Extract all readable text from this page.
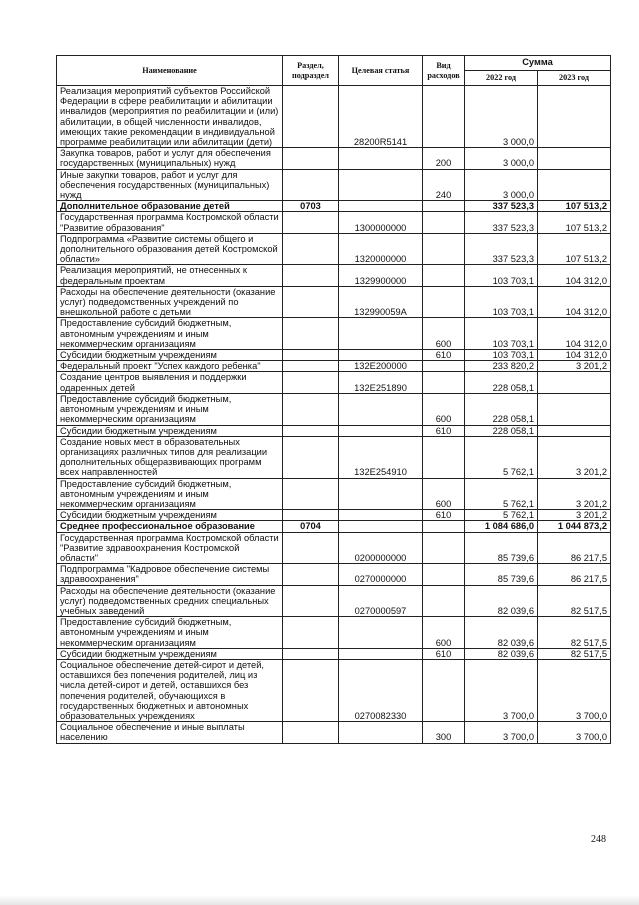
Наименование	Раздел, подраздел	Целевая статья	Вид расходов	Сумма	
				2022 год	2023 год
Реализация мероприятий субъектов Российской Федерации в сфере реабилитации и абилитации инвалидов (мероприятия по реабилитации и (или) абилитации, в общей численности инвалидов, имеющих такие рекомендации в индивидуальной программе реабилитации или абилитации (дети)		28200R5141		3 000,0	
Закупка товаров, работ и услуг для обеспечения государственных (муниципальных) нужд			200	3 000,0	
Иные закупки товаров, работ и услуг для обеспечения государственных (муниципальных) нужд			240	3 000,0	
Дополнительное образование детей	0703			337 523,3	107 513,2
Государственная программа Костромской области "Развитие образования"		1300000000		337 523,3	107 513,2
Подпрограмма «Развитие системы общего и дополнительного образования детей Костромской области»		1320000000		337 523,3	107 513,2
Реализация мероприятий, не отнесенных к федеральным проектам		1329900000		103 703,1	104 312,0
Расходы на обеспечение деятельности (оказание услуг) подведомственных учреждений по внешкольной работе с детьми		132990059А		103 703,1	104 312,0
Предоставление субсидий бюджетным, автономным учреждениям и иным некоммерческим организациям			600	103 703,1	104 312,0
Субсидии бюджетным учреждениям			610	103 703,1	104 312,0
Федеральный проект "Успех каждого ребенка"		132Е200000		233 820,2	3 201,2
Создание центров выявления и поддержки одаренных детей		132Е251890		228 058,1	
Предоставление субсидий бюджетным, автономным учреждениям и иным некоммерческим организациям			600	228 058,1	
Субсидии бюджетным учреждениям			610	228 058,1	
Создание новых мест в образовательных организациях различных типов для реализации дополнительных общеразвивающих программ всех направленностей		132Е254910		5 762,1	3 201,2
Предоставление субсидий бюджетным, автономным учреждениям и иным некоммерческим организациям			600	5 762,1	3 201,2
Субсидии бюджетным учреждениям			610	5 762,1	3 201,2
Среднее профессиональное образование	0704			1 084 686,0	1 044 873,2
Государственная программа Костромской области "Развитие здравоохранения Костромской области"		0200000000		85 739,6	86 217,5
Подпрограмма "Кадровое обеспечение системы здравоохранения"		0270000000		85 739,6	86 217,5
Расходы на обеспечение деятельности (оказание услуг) подведомственных средних специальных учебных заведений		0270000597		82 039,6	82 517,5
Предоставление субсидий бюджетным, автономным учреждениям и иным некоммерческим организациям			600	82 039,6	82 517,5
Субсидии бюджетным учреждениям			610	82 039,6	82 517,5
Социальное обеспечение детей-сирот и детей, оставшихся без попечения родителей, лиц из числа детей-сирот и детей, оставшихся без попечения родителей, обучающихся в государственных бюджетных и автономных образовательных учреждениях		0270082330		3 700,0	3 700,0
Социальное обеспечение и иные выплаты населению			300	3 700,0	3 700,0
248
